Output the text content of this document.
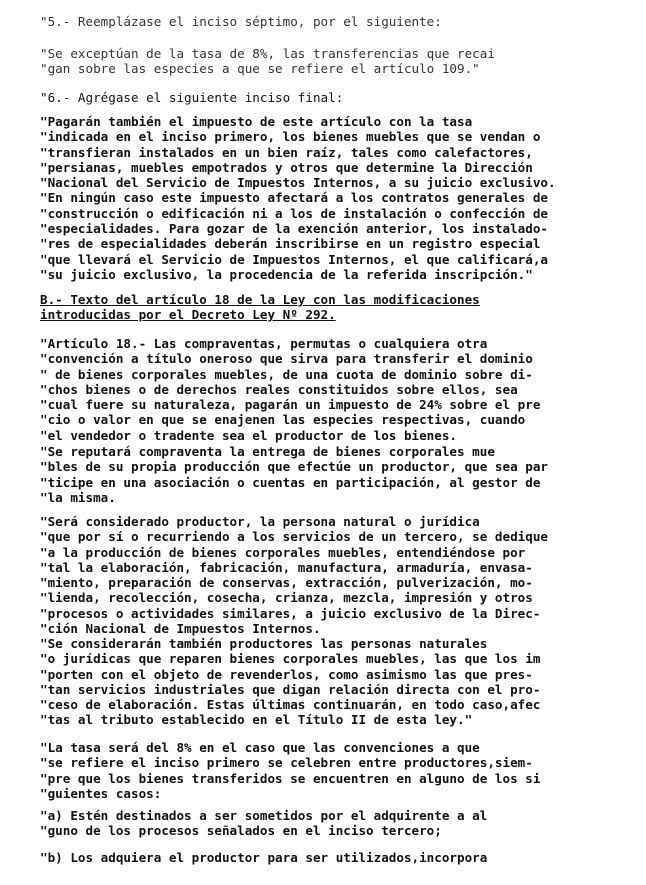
"5.- Reemplázase el inciso séptimo, por el siguiente:
"Se exceptúan de la tasa de 8%, las transferencias que recai
"gan sobre las especies a que se refiere el artículo 109."
"6.- Agrégase el siguiente inciso final:
"Pagarán también el impuesto de este artículo con la tasa
"indicada en el inciso primero, los bienes muebles que se vendan o
"transfieran instalados en un bien raíz, tales como calefactores,
"persianas, muebles empotrados y otros que determine la Dirección
"Nacional del Servicio de Impuestos Internos, a su juicio exclusivo.
"En ningún caso este impuesto afectará a los contratos generales de
"construcción o edificación ni a los de instalación o confección de
"especialidades. Para gozar de la exención anterior, los instalado-
"res de especialidades deberán inscribirse en un registro especial
"que llevará el Servicio de Impuestos Internos, el que calificará,a
"su juicio exclusivo, la procedencia de la referida inscripción."
B.- Texto del artículo 18 de la Ley con las modificaciones
introducidas por el Decreto Ley Nº 292.
"Artículo 18.- Las compraventas, permutas o cualquiera otra
"convención a título oneroso que sirva para transferir el dominio
" de bienes corporales muebles, de una cuota de dominio sobre di-
"chos bienes o de derechos reales constituidos sobre ellos, sea
"cual fuere su naturaleza, pagarán un impuesto de 24% sobre el pre
"cio o valor en que se enajenen las especies respectivas, cuando
"el vendedor o tradente sea el productor de los bienes.
"Se reputará compraventa la entrega de bienes corporales mue
"bles de su propia producción que efectúe un productor, que sea par
"ticipe en una asociación o cuentas en participación, al gestor de
"la misma.
"Será considerado productor, la persona natural o jurídica
"que por sí o recurriendo a los servicios de un tercero, se dedique
"a la producción de bienes corporales muebles, entendiéndose por
"tal la elaboración, fabricación, manufactura, armaduría, envasa-
"miento, preparación de conservas, extracción, pulverización, mo-
"lienda, recolección, cosecha, crianza, mezcla, impresión y otros
"procesos o actividades similares, a juicio exclusivo de la Direc-
"ción Nacional de Impuestos Internos.
"Se considerarán también productores las personas naturales
"o jurídicas que reparen bienes corporales muebles, las que los im
"porten con el objeto de revenderlos, como asimismo las que pres-
"tan servicios industriales que digan relación directa con el pro-
"ceso de elaboración. Estas últimas continuarán, en todo caso,afec
"tas al tributo establecido en el Título II de esta ley."
"La tasa será del 8% en el caso que las convenciones a que
"se refiere el inciso primero se celebren entre productores,siem-
"pre que los bienes transferidos se encuentren en alguno de los si
"guientes casos:
"a) Estén destinados a ser sometidos por el adquirente a al
"guno de los procesos señalados en el inciso tercero;
"b) Los adquiera el productor para ser utilizados,incorpora
